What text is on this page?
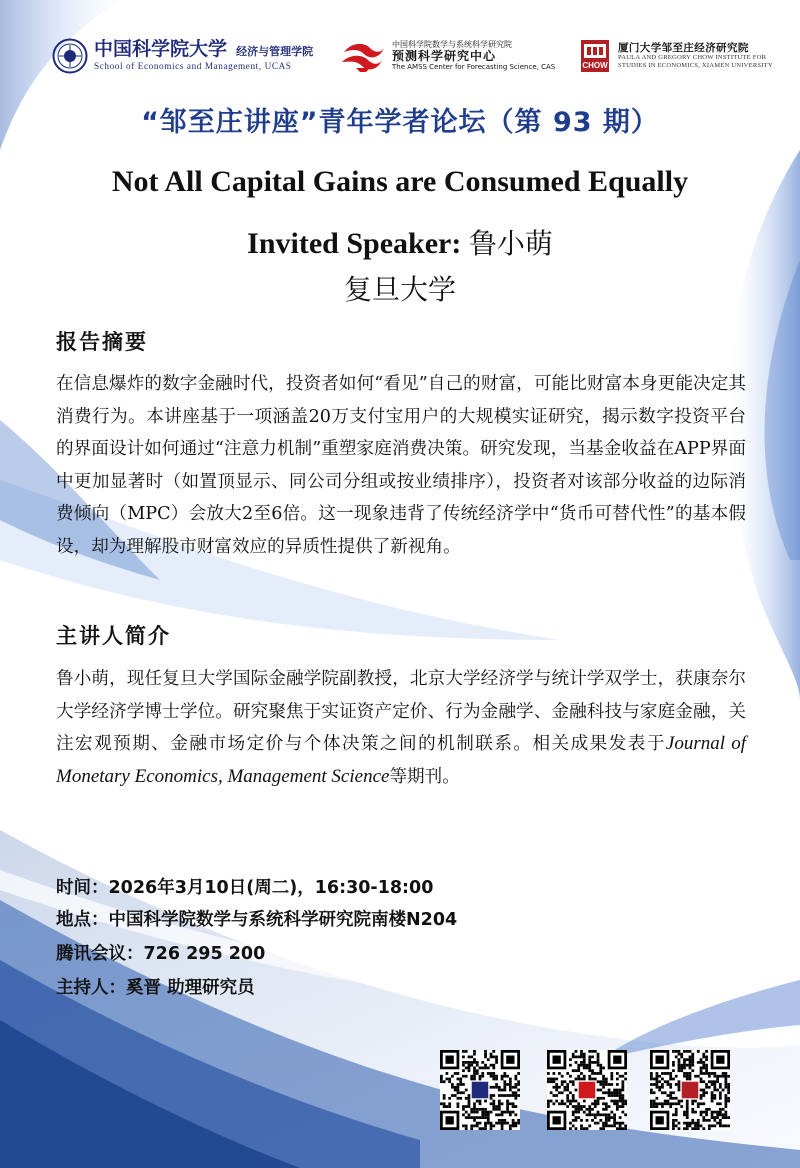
中国科学院大学 经济与管理学院
School of Economics and Management, UCAS
中国科学院数学与系统科学研究院
预测科学研究中心
The AMSS Center for Forecasting Science, CAS	CHOW
厦门大学邹至庄经济研究院
PAULA AND GREGORY CHOW INSTITUTE FOR
STUDIES IN ECONOMICS, XIAMEN UNIVERSITY
“邹至庄讲座”青年学者论坛（第 93 期）
Not All Capital Gains are Consumed Equally
Invited Speaker: 鲁小萌
复旦大学
报告摘要
在信息爆炸的数字金融时代，投资者如何“看见”自己的财富，可能比财富本身更能决定其消费行为。本讲座基于一项涵盖20万支付宝用户的大规模实证研究，揭示数字投资平台的界面设计如何通过“注意力机制”重塑家庭消费决策。研究发现，当基金收益在APP界面中更加显著时（如置顶显示、同公司分组或按业绩排序），投资者对该部分收益的边际消费倾向（MPC）会放大2至6倍。这一现象违背了传统经济学中“货币可替代性”的基本假设，却为理解股市财富效应的异质性提供了新视角。
主讲人简介
鲁小萌，现任复旦大学国际金融学院副教授，北京大学经济学与统计学双学士，获康奈尔大学经济学博士学位。研究聚焦于实证资产定价、行为金融学、金融科技与家庭金融，关注宏观预期、金融市场定价与个体决策之间的机制联系。相关成果发表于Journal of Monetary Economics, Management Science等期刊。
时间：2026年3月10日(周二)，16:30-18:00
地点：中国科学院数学与系统科学研究院南楼N204
腾讯会议：726 295 200
主持人：奚晋 助理研究员
